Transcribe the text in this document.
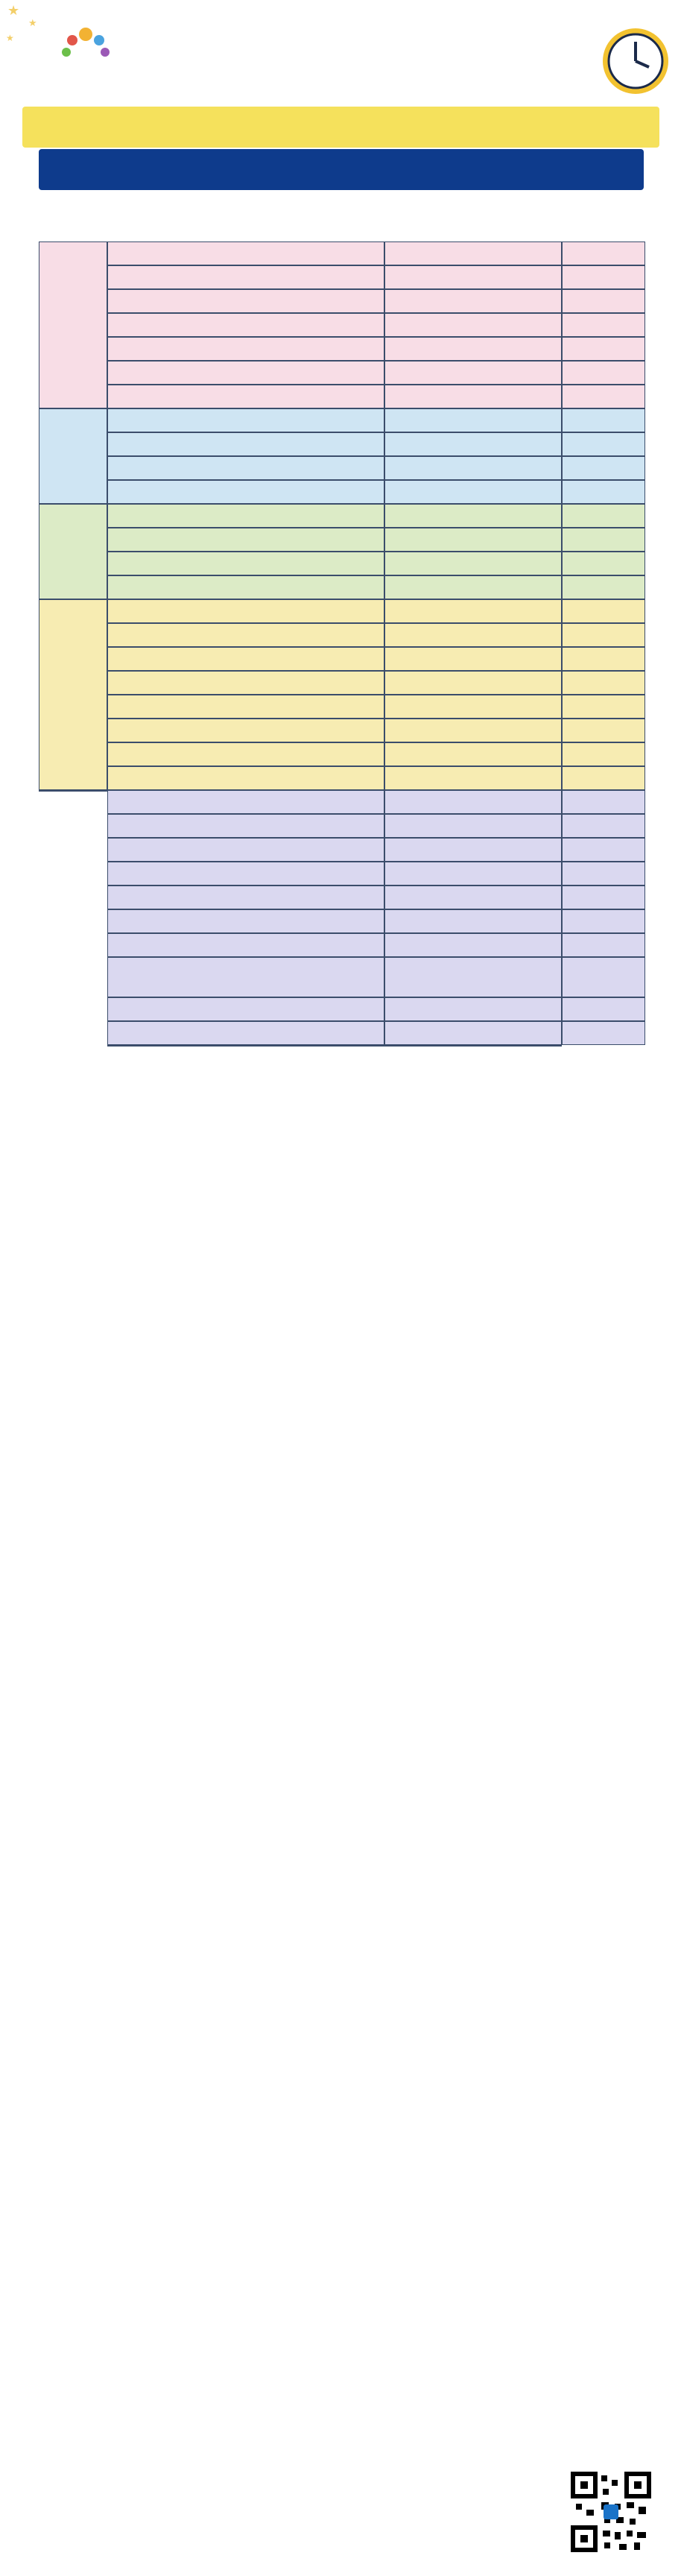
★
★
★
